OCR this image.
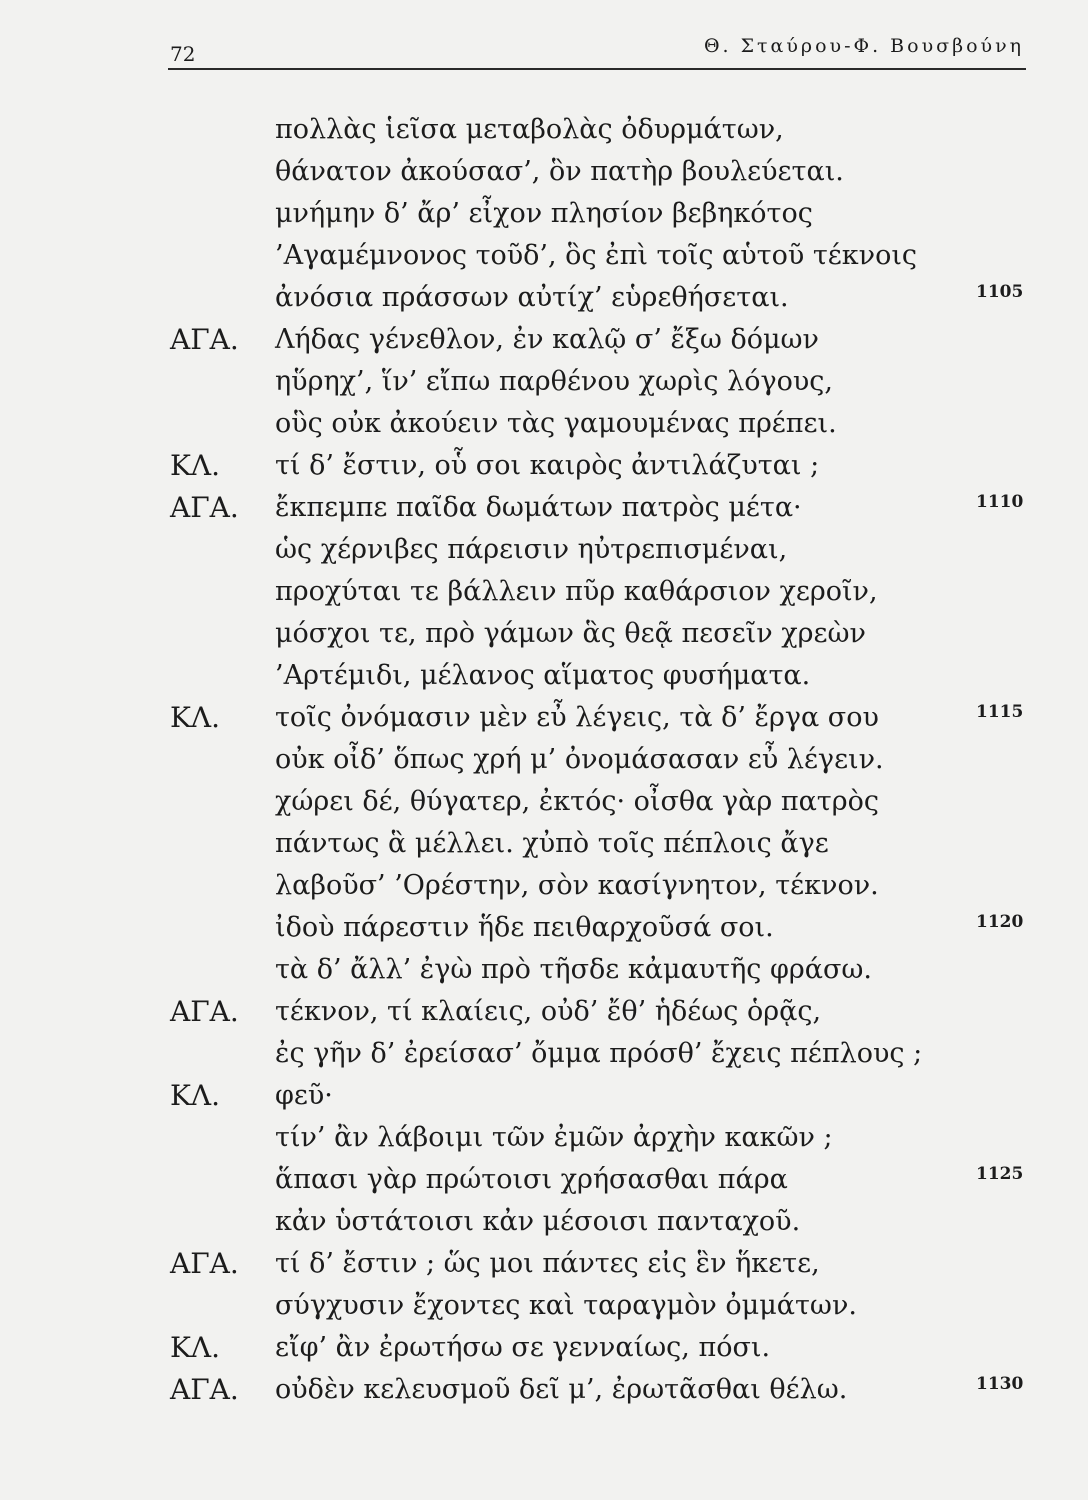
72	Θ. Σταύρου-Φ. Βουσβούνη
πολλὰς ἱεῖσα μεταβολὰς ὀδυρμάτων,
θάνατον ἀκούσασ’, ὃν πατὴρ βουλεύεται.
μνήμην δ’ ἄρ’ εἶχον πλησίον βεβηκότος
’Αγαμέμνονος τοῦδ’, ὃς ἐπὶ τοῖς αὑτοῦ τέκνοις
ἀνόσια πράσσων αὐτίχ’ εὑρεθήσεται.	1105
ΑΓΑ. Λήδας γένεθλον, ἐν καλῷ σ’ ἔξω δόμων
ηὕρηχ’, ἵν’ εἴπω παρθένου χωρὶς λόγους,
οὓς οὐκ ἀκούειν τὰς γαμουμένας πρέπει.
ΚΛ. τί δ’ ἔστιν, οὗ σοι καιρὸς ἀντιλάζυται ;
ΑΓΑ. ἔκπεμπε παῖδα δωμάτων πατρὸς μέτα·	1110
ὡς χέρνιβες πάρεισιν ηὐτρεπισμέναι,
προχύται τε βάλλειν πῦρ καθάρσιον χεροῖν,
μόσχοι τε, πρὸ γάμων ἃς θεᾷ πεσεῖν χρεὼν
’Αρτέμιδι, μέλανος αἵματος φυσήματα.
ΚΛ. τοῖς ὀνόμασιν μὲν εὖ λέγεις, τὰ δ’ ἔργα σου	1115
οὐκ οἶδ’ ὅπως χρή μ’ ὀνομάσασαν εὖ λέγειν.
χώρει δέ, θύγατερ, ἐκτός· οἶσθα γὰρ πατρὸς
πάντως ἃ μέλλει. χὐπὸ τοῖς πέπλοις ἄγε
λαβοῦσ’ ’Ορέστην, σὸν κασίγνητον, τέκνον.
ἰδοὺ πάρεστιν ἥδε πειθαρχοῦσά σοι.	1120
τὰ δ’ ἄλλ’ ἐγὼ πρὸ τῆσδε κἀμαυτῆς φράσω.
ΑΓΑ. τέκνον, τί κλαίεις, οὐδ’ ἔθ’ ἡδέως ὁρᾷς,
ἐς γῆν δ’ ἐρείσασ’ ὄμμα πρόσθ’ ἔχεις πέπλους ;
ΚΛ. φεῦ·
τίν’ ἂν λάβοιμι τῶν ἐμῶν ἀρχὴν κακῶν ;
ἅπασι γὰρ πρώτοισι χρήσασθαι πάρα	1125
κἀν ὑστάτοισι κἀν μέσοισι πανταχοῦ.
ΑΓΑ. τί δ’ ἔστιν ; ὥς μοι πάντες εἰς ἓν ἥκετε,
σύγχυσιν ἔχοντες καὶ ταραγμὸν ὀμμάτων.
ΚΛ. εἴφ’ ἂν ἐρωτήσω σε γενναίως, πόσι.
ΑΓΑ. οὐδὲν κελευσμοῦ δεῖ μ’, ἐρωτᾶσθαι θέλω.	1130
